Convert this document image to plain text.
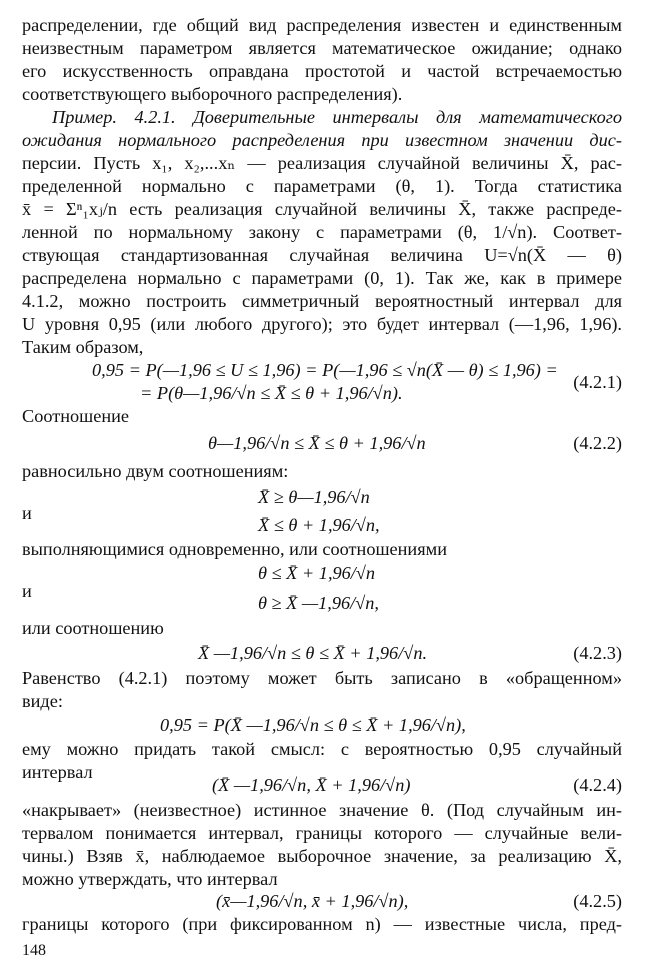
распределении, где общий вид распределения известен и единственным
неизвестным параметром является математическое ожидание; однако
его искусственность оправдана простотой и частой встречаемостью
соответствующего выборочного распределения).
Пример. 4.2.1. Доверительные интервалы для математического
ожидания нормального распределения при известном значении дис-
персии. Пусть x₁, x₂,...xₙ — реализация случайной величины X̄, рас-
пределенной нормально с параметрами (θ, 1). Тогда статистика
x̄ = Σⁿ₁xⱼ/n есть реализация случайной величины X̄, также распреде-
ленной по нормальному закону с параметрами (θ, 1/√n). Соответ-
ствующая стандартизованная случайная величина U=√n(X̄ — θ)
распределена нормально с параметрами (0, 1). Так же, как в примере
4.1.2, можно построить симметричный вероятностный интервал для
U уровня 0,95 (или любого другого); это будет интервал (—1,96, 1,96).
Таким образом,
0,95 = P(—1,96 ≤ U ≤ 1,96) = P(—1,96 ≤ √n(X̄ — θ) ≤ 1,96) =
= P(θ—1,96/√n ≤ X̄ ≤ θ + 1,96/√n).
(4.2.1)
Соотношение
θ—1,96/√n ≤ X̄ ≤ θ + 1,96/√n	(4.2.2)
равносильно двум соотношениям:
X̄ ≥ θ—1,96/√n
и
X̄ ≤ θ + 1,96/√n,
выполняющимися одновременно, или соотношениями
θ ≤ X̄ + 1,96/√n
и
θ ≥ X̄ —1,96/√n,
или соотношению
X̄ —1,96/√n ≤ θ ≤ X̄ + 1,96/√n.	(4.2.3)
Равенство (4.2.1) поэтому может быть записано в «обращенном»
виде:
0,95 = P(X̄ —1,96/√n ≤ θ ≤ X̄ + 1,96/√n),
ему можно придать такой смысл: с вероятностью 0,95 случайный
интервал
(X̄ —1,96/√n, X̄ + 1,96/√n)	(4.2.4)
«накрывает» (неизвестное) истинное значение θ. (Под случайным ин-
тервалом понимается интервал, границы которого — случайные вели-
чины.) Взяв x̄, наблюдаемое выборочное значение, за реализацию X̄,
можно утверждать, что интервал
(x̄—1,96/√n, x̄ + 1,96/√n),	(4.2.5)
границы которого (при фиксированном n) — известные числа, пред-
148
